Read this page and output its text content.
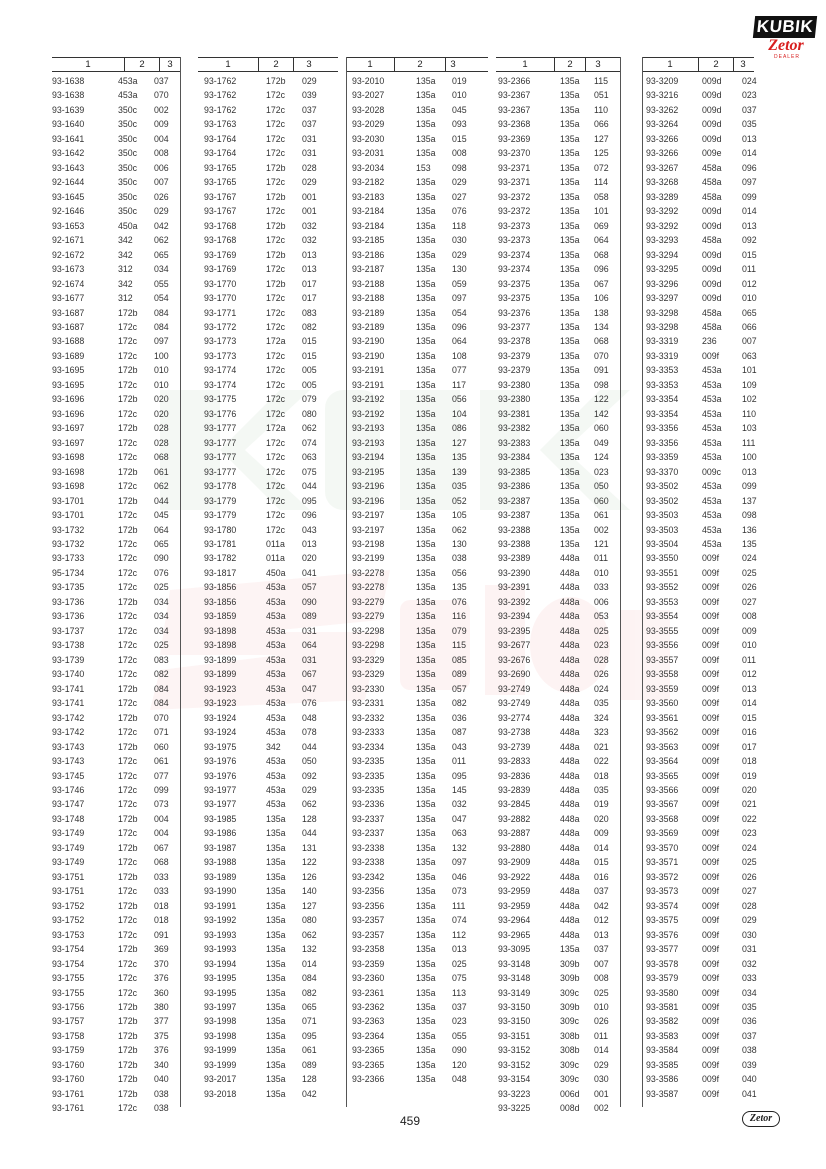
KUBIK
Zetor
DEALER
1	2	3
93-1638	453a 037
93-1638	453a 070
93-1639	350c 002
93-1640	350c 009
93-1641	350c 004
93-1642	350c 008
93-1643	350c 006
92-1644	350c 007
93-1645	350c 026
92-1646	350c 029
93-1653	450a 042
92-1671	342 062
92-1672	342 065
93-1673	312 034
92-1674	342 055
93-1677	312 054
93-1687	172b 084
93-1687	172c 084
93-1688	172c 097
93-1689	172c 100
93-1695	172b 010
93-1695	172c 010
93-1696	172b 020
93-1696	172c 020
93-1697	172b 028
93-1697	172c 028
93-1698	172c 068
93-1698	172b 061
93-1698	172c 062
93-1701	172b 044
93-1701	172c 045
93-1732	172b 064
93-1732	172c 065
93-1733	172c 090
95-1734	172c 076
93-1735	172c 025
93-1736	172b 034
93-1736	172c 034
93-1737	172c 034
93-1738	172c 025
93-1739	172c 083
93-1740	172c 082
93-1741	172b 084
93-1741	172c 084
93-1742	172b 070
93-1742	172c 071
93-1743	172b 060
93-1743	172c 061
93-1745	172c 077
93-1746	172c 099
93-1747	172c 073
93-1748	172b 004
93-1749	172c 004
93-1749	172b 067
93-1749	172c 068
93-1751	172b 033
93-1751	172c 033
93-1752	172b 018
93-1752	172c 018
93-1753	172c 091
93-1754	172b 369
93-1754	172c 370
93-1755	172c 376
93-1755	172c 360
93-1756	172b 380
93-1757	172b 377
93-1758	172b 375
93-1759	172b 376
93-1760	172b 340
93-1760	172b 040
93-1761	172b 038
93-1761	172c 038
1	2	3
93-1762	172b 029
93-1762	172c 039
93-1762	172c 037
93-1763	172c 037
93-1764	172c 031
93-1764	172c 031
93-1765	172b 028
93-1765	172c 029
93-1767	172b 001
93-1767	172c 001
93-1768	172b 032
93-1768	172c 032
93-1769	172b 013
93-1769	172c 013
93-1770	172b 017
93-1770	172c 017
93-1771	172c 083
93-1772	172c 082
93-1773	172a 015
93-1773	172c 015
93-1774	172c 005
93-1774	172c 005
93-1775	172c 079
93-1776	172c 080
93-1777	172a 062
93-1777	172c 074
93-1777	172c 063
93-1777	172c 075
93-1778	172c 044
93-1779	172c 095
93-1779	172c 096
93-1780	172c 043
93-1781	011a 013
93-1782	011a 020
93-1817	450a 041
93-1856	453a 057
93-1856	453a 090
93-1859	453a 089
93-1898	453a 031
93-1898	453a 064
93-1899	453a 031
93-1899	453a 067
93-1923	453a 047
93-1923	453a 076
93-1924	453a 048
93-1924	453a 078
93-1975	342 044
93-1976	453a 050
93-1976	453a 092
93-1977	453a 029
93-1977	453a 062
93-1985	135a 128
93-1986	135a 044
93-1987	135a 131
93-1988	135a 122
93-1989	135a 126
93-1990	135a 140
93-1991	135a 127
93-1992	135a 080
93-1993	135a 062
93-1993	135a 132
93-1994	135a 014
93-1995	135a 084
93-1995	135a 082
93-1997	135a 065
93-1998	135a 071
93-1998	135a 095
93-1999	135a 061
93-1999	135a 089
93-2017	135a 128
93-2018	135a 042
1	2	3
93-2010	135a 019
93-2027	135a 010
93-2028	135a 045
93-2029	135a 093
93-2030	135a 015
93-2031	135a 008
93-2034	153 098
93-2182	135a 029
93-2183	135a 027
93-2184	135a 076
93-2184	135a 118
93-2185	135a 030
93-2186	135a 029
93-2187	135a 130
93-2188	135a 059
93-2188	135a 097
93-2189	135a 054
93-2189	135a 096
93-2190	135a 064
93-2190	135a 108
93-2191	135a 077
93-2191	135a 117
93-2192	135a 056
93-2192	135a 104
93-2193	135a 086
93-2193	135a 127
93-2194	135a 135
93-2195	135a 139
93-2196	135a 035
93-2196	135a 052
93-2197	135a 105
93-2197	135a 062
93-2198	135a 130
93-2199	135a 038
93-2278	135a 056
93-2278	135a 135
93-2279	135a 076
93-2279	135a 116
93-2298	135a 079
93-2298	135a 115
93-2329	135a 085
93-2329	135a 089
93-2330	135a 057
93-2331	135a 082
93-2332	135a 036
93-2333	135a 087
93-2334	135a 043
93-2335	135a 011
93-2335	135a 095
93-2335	135a 145
93-2336	135a 032
93-2337	135a 047
93-2337	135a 063
93-2338	135a 132
93-2338	135a 097
93-2342	135a 046
93-2356	135a 073
93-2356	135a 111
93-2357	135a 074
93-2357	135a 112
93-2358	135a 013
93-2359	135a 025
93-2360	135a 075
93-2361	135a 113
93-2362	135a 037
93-2363	135a 023
93-2364	135a 055
93-2365	135a 090
93-2365	135a 120
93-2366	135a 048
1	2	3
93-2366	135a 115
93-2367	135a 051
93-2367	135a 110
93-2368	135a 066
93-2369	135a 127
93-2370	135a 125
93-2371	135a 072
93-2371	135a 114
93-2372	135a 058
93-2372	135a 101
93-2373	135a 069
93-2373	135a 064
93-2374	135a 068
93-2374	135a 096
93-2375	135a 067
93-2375	135a 106
93-2376	135a 138
93-2377	135a 134
93-2378	135a 068
93-2379	135a 070
93-2379	135a 091
93-2380	135a 098
93-2380	135a 122
93-2381	135a 142
93-2382	135a 060
93-2383	135a 049
93-2384	135a 124
93-2385	135a 023
93-2386	135a 050
93-2387	135a 060
93-2387	135a 061
93-2388	135a 002
93-2388	135a 121
93-2389	448a 011
93-2390	448a 010
93-2391	448a 033
93-2392	448a 006
93-2394	448a 053
93-2395	448a 025
93-2677	448a 023
93-2676	448a 028
93-2690	448a 026
93-2749	448a 024
93-2749	448a 035
93-2774	448a 324
93-2738	448a 323
93-2739	448a 021
93-2833	448a 022
93-2836	448a 018
93-2839	448a 035
93-2845	448a 019
93-2882	448a 020
93-2887	448a 009
93-2880	448a 014
93-2909	448a 015
93-2922	448a 016
93-2959	448a 037
93-2959	448a 042
93-2964	448a 012
93-2965	448a 013
93-3095	135a 037
93-3148	309b 007
93-3148	309b 008
93-3149	309c 025
93-3150	309b 010
93-3150	309c 026
93-3151	308b 011
93-3152	308b 014
93-3152	309c 029
93-3154	309c 030
93-3223	006d 001
93-3225	008d 002
1	2	3
93-3209	009d 024
93-3216	009d 023
93-3262	009d 037
93-3264	009d 035
93-3266	009d 013
93-3266	009e 014
93-3267	458a 096
93-3268	458a 097
93-3289	458a 099
93-3292	009d 014
93-3292	009d 013
93-3293	458a 092
93-3294	009d 015
93-3295	009d 011
93-3296	009d 012
93-3297	009d 010
93-3298	458a 065
93-3298	458a 066
93-3319	236	007
93-3319	009f	063
93-3353	453a 101
93-3353	453a 109
93-3354	453a 102
93-3354	453a 110
93-3356	453a 103
93-3356	453a 111
93-3359	453a 100
93-3370	009c 013
93-3502	453a 099
93-3502	453a 137
93-3503	453a 098
93-3503	453a 136
93-3504	453a 135
93-3550	009f	024
93-3551	009f	025
93-3552	009f	026
93-3553	009f	027
93-3554	009f	008
93-3555	009f	009
93-3556	009f	010
93-3557	009f	011
93-3558	009f	012
93-3559	009f	013
93-3560	009f	014
93-3561	009f	015
93-3562	009f	016
93-3563	009f	017
93-3564	009f	018
93-3565	009f	019
93-3566	009f	020
93-3567	009f	021
93-3568	009f	022
93-3569	009f	023
93-3570	009f	024
93-3571	009f	025
93-3572	009f	026
93-3573	009f	027
93-3574	009f	028
93-3575	009f	029
93-3576	009f	030
93-3577	009f	031
93-3578	009f	032
93-3579	009f	033
93-3580	009f	034
93-3581	009f	035
93-3582	009f	036
93-3583	009f	037
93-3584	009f	038
93-3585	009f	039
93-3586	009f	040
93-3587	009f	041
459	Zetor
